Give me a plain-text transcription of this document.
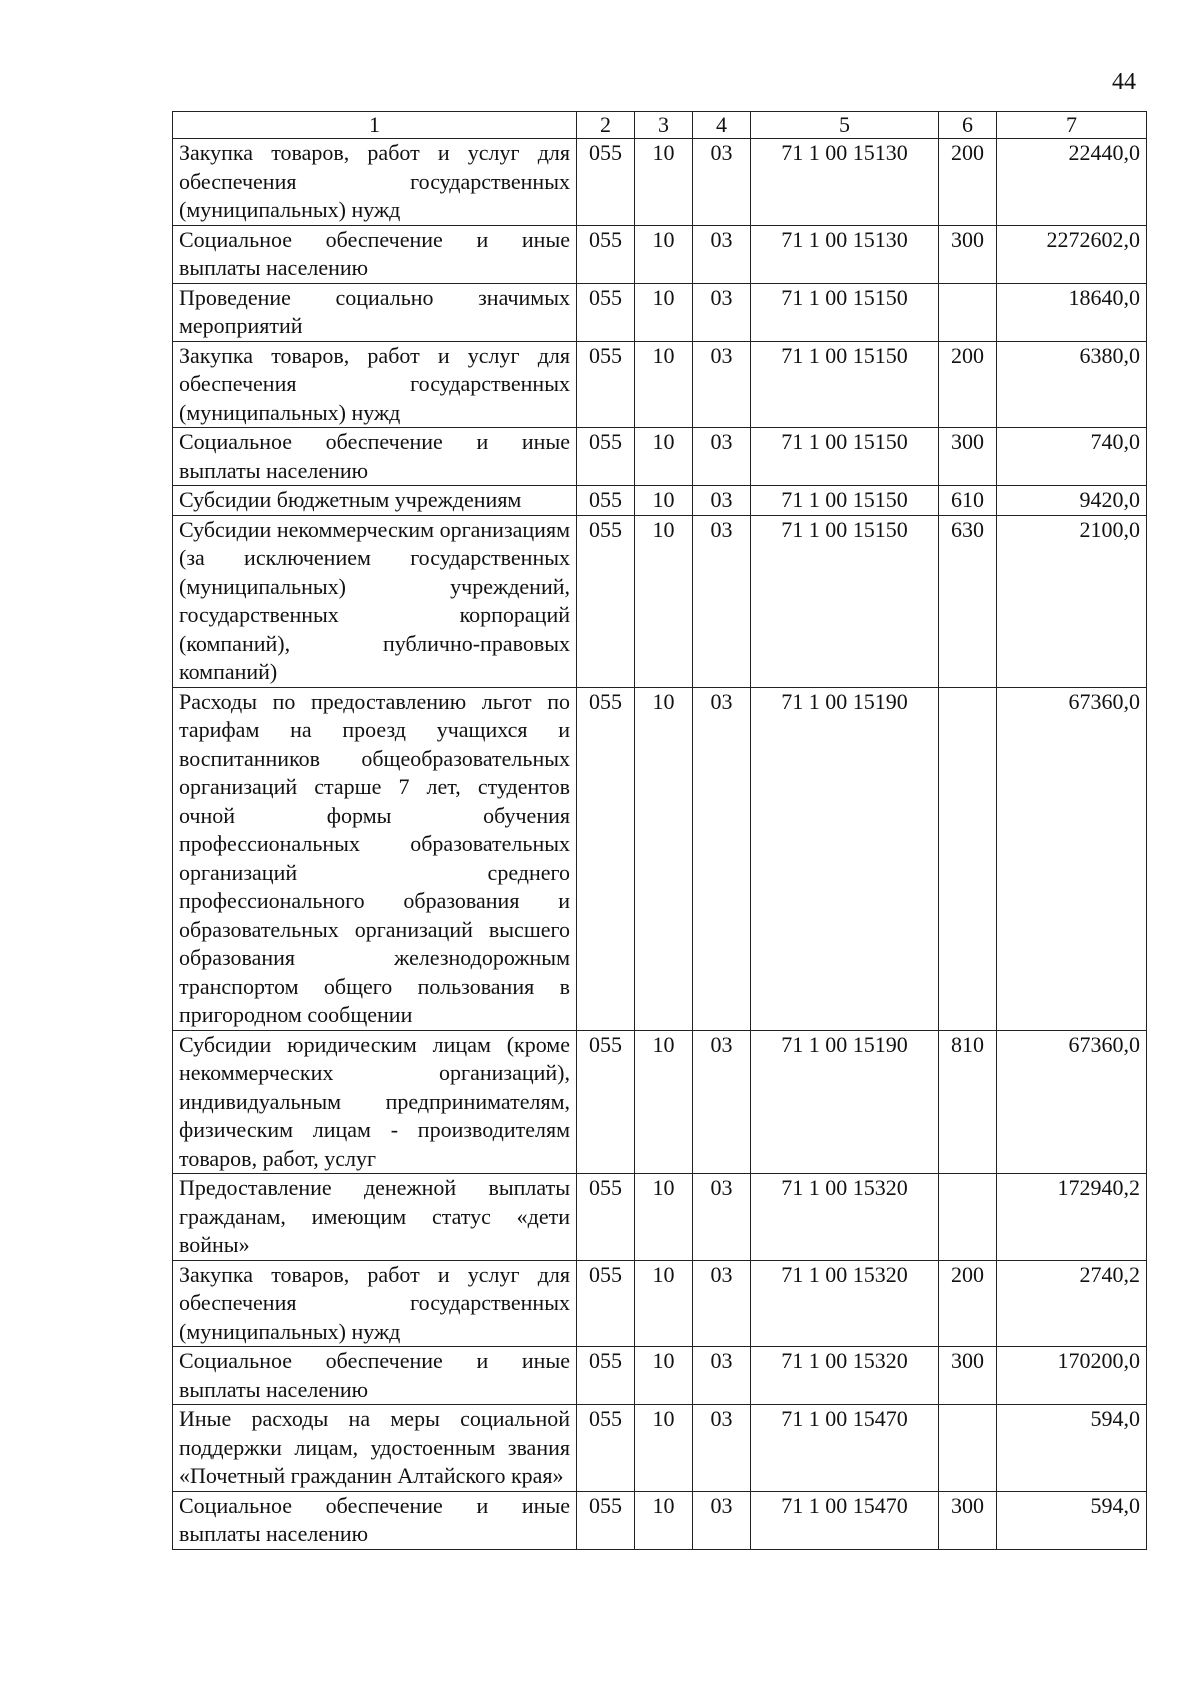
44
1	2	3	4	5	6	7
Закупка товаров, работ и услуг для обеспечения государственных (муниципальных) нужд	055	10	03	71 1 00 15130	200	22440,0
Социальное обеспечение и иные выплаты населению	055	10	03	71 1 00 15130	300	2272602,0
Проведение социально значимых мероприятий	055	10	03	71 1 00 15150		18640,0
Закупка товаров, работ и услуг для обеспечения государственных (муниципальных) нужд	055	10	03	71 1 00 15150	200	6380,0
Социальное обеспечение и иные выплаты населению	055	10	03	71 1 00 15150	300	740,0
Субсидии бюджетным учреждениям	055	10	03	71 1 00 15150	610	9420,0
Субсидии некоммерческим организациям (за исключением государственных (муниципальных) учреждений, государственных корпораций (компаний), публично-правовых компаний)	055	10	03	71 1 00 15150	630	2100,0
Расходы по предоставлению льгот по тарифам на проезд учащихся и воспитанников общеобразовательных организаций старше 7 лет, студентов очной формы обучения профессиональных образовательных организаций среднего профессионального образования и образовательных организаций высшего образования железнодорожным транспортом общего пользования в пригородном сообщении	055	10	03	71 1 00 15190		67360,0
Субсидии юридическим лицам (кроме некоммерческих организаций), индивидуальным предпринимателям, физическим лицам - производителям товаров, работ, услуг	055	10	03	71 1 00 15190	810	67360,0
Предоставление денежной выплаты гражданам, имеющим статус «дети войны»	055	10	03	71 1 00 15320		172940,2
Закупка товаров, работ и услуг для обеспечения государственных (муниципальных) нужд	055	10	03	71 1 00 15320	200	2740,2
Социальное обеспечение и иные выплаты населению	055	10	03	71 1 00 15320	300	170200,0
Иные расходы на меры социальной поддержки лицам, удостоенным звания «Почетный гражданин Алтайского края»	055	10	03	71 1 00 15470		594,0
Социальное обеспечение и иные выплаты населению	055	10	03	71 1 00 15470	300	594,0
